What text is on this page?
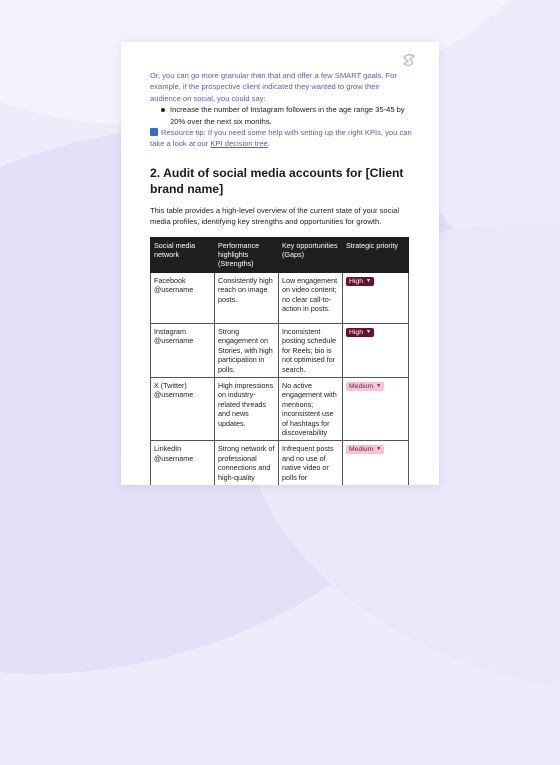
Or, you can go more granular than that and offer a few SMART goals. For example, if the prospective client indicated they wanted to grow their audience on social, you could say:

Increase the number of Instagram followers in the age range 35-45 by 20% over the next six months.

Resource tip: If you need some help with setting up the right KPIs, you can take a look at our KPI decision tree.

2. Audit of social media accounts for [Client brand name]

This table provides a high-level overview of the current state of your social media profiles, identifying key strengths and opportunities for growth.

Social media network	Performance highlights (Strengths)	Key opportunities (Gaps)	Strategic priority
Facebook @username	Consistently high reach on image posts.	Low engagement on video content; no clear call-to-action in posts.	High ▼
Instagram @username	Strong engagement on Stories, with high participation in polls.	Inconsistent posting schedule for Reels; bio is not optimised for search.	High ▼
X (Twitter) @username	High impressions on industry-related threads and news updates.	No active engagement with mentions; inconsistent use of hashtags for discoverability	Medium ▼
LinkedIn @username	Strong network of professional connections and high-quality	Infrequent posts and no use of native video or polls for	Medium ▼
